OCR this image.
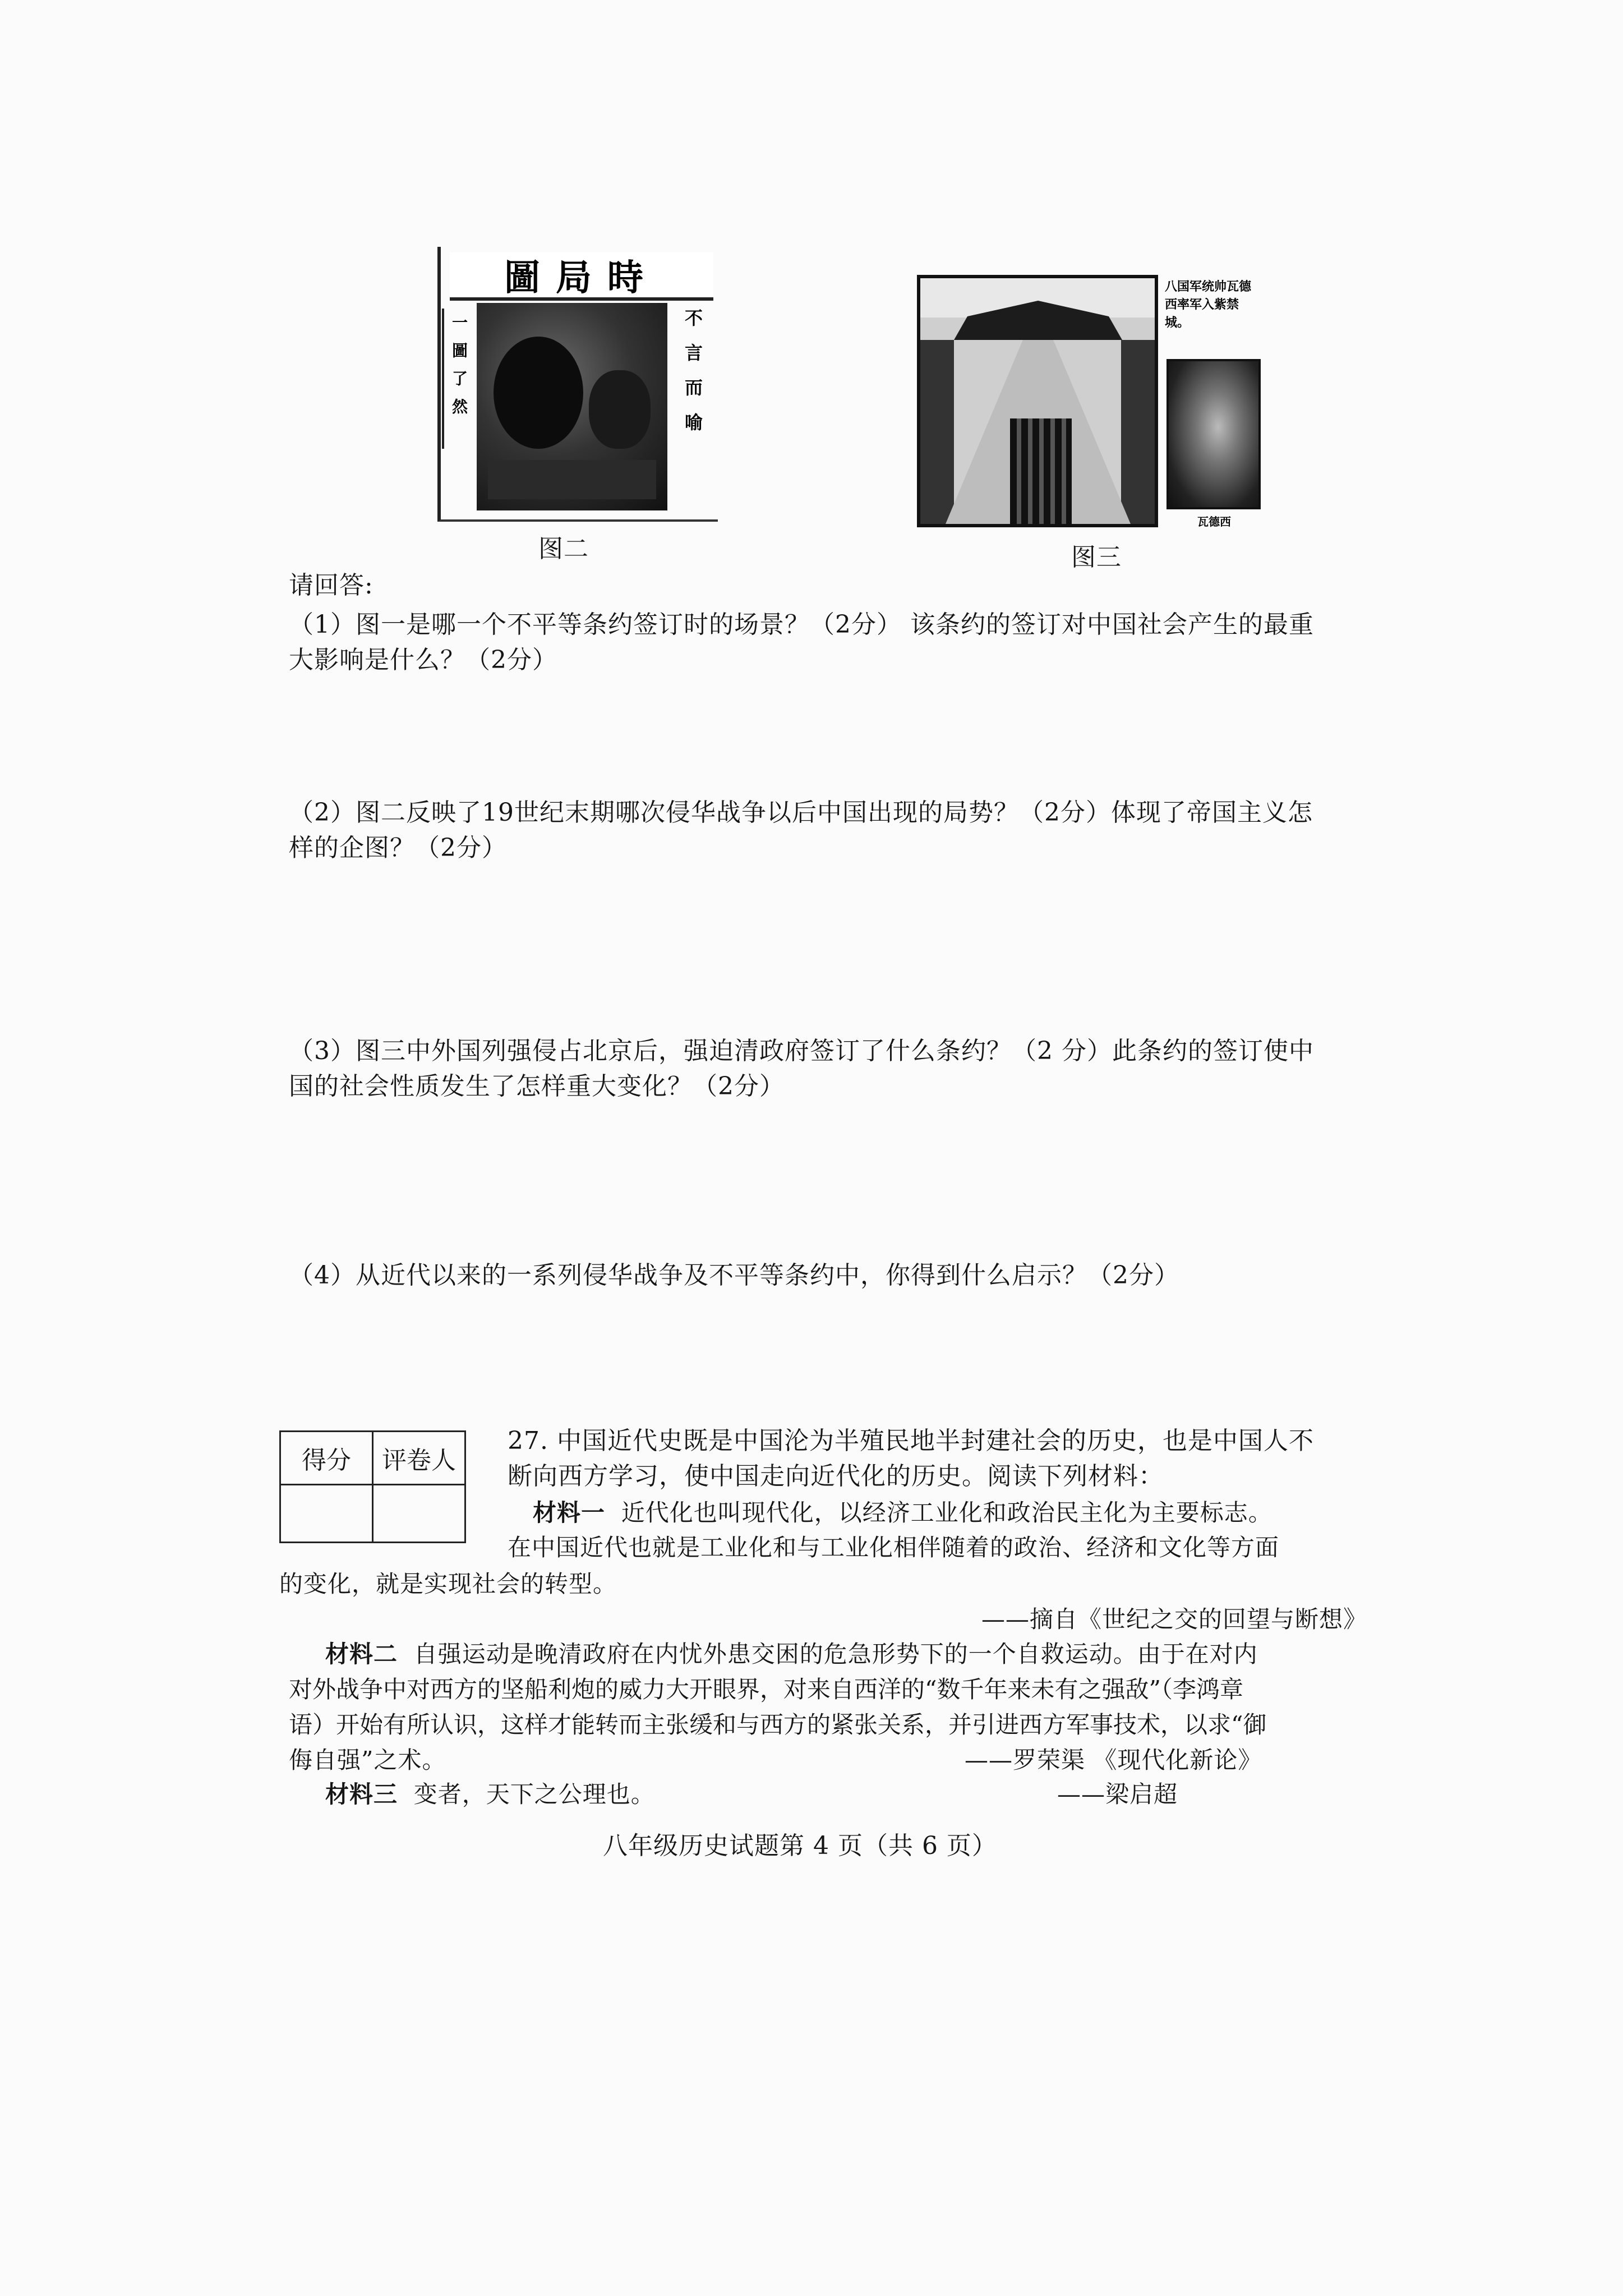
圖局時
一圖了然	不言而喻
图二
八国军统帅瓦德西率军入紫禁城。
瓦德西
图三
请回答:
（1）图一是哪一个不平等条约签订时的场景？（2分） 该条约的签订对中国社会产生的最重
大影响是什么？（2分）
（2）图二反映了19世纪末期哪次侵华战争以后中国出现的局势？（2分）体现了帝国主义怎
样的企图？（2分）
（3）图三中外国列强侵占北京后，强迫清政府签订了什么条约？（2 分）此条约的签订使中
国的社会性质发生了怎样重大变化？（2分）
（4）从近代以来的一系列侵华战争及不平等条约中，你得到什么启示？（2分）
得分	评卷人

27. 中国近代史既是中国沦为半殖民地半封建社会的历史，也是中国人不
断向西方学习，使中国走向近代化的历史。阅读下列材料：
材料一 近代化也叫现代化，以经济工业化和政治民主化为主要标志。
在中国近代也就是工业化和与工业化相伴随着的政治、经济和文化等方面
的变化，就是实现社会的转型。
——摘自《世纪之交的回望与断想》
材料二 自强运动是晚清政府在内忧外患交困的危急形势下的一个自救运动。由于在对内
对外战争中对西方的坚船利炮的威力大开眼界，对来自西洋的“数千年来未有之强敌”（李鸿章
语）开始有所认识，这样才能转而主张缓和与西方的紧张关系，并引进西方军事技术，以求“御
侮自强”之术。	——罗荣渠 《现代化新论》
材料三 变者，天下之公理也。	——梁启超
八年级历史试题第 4 页（共 6 页）
